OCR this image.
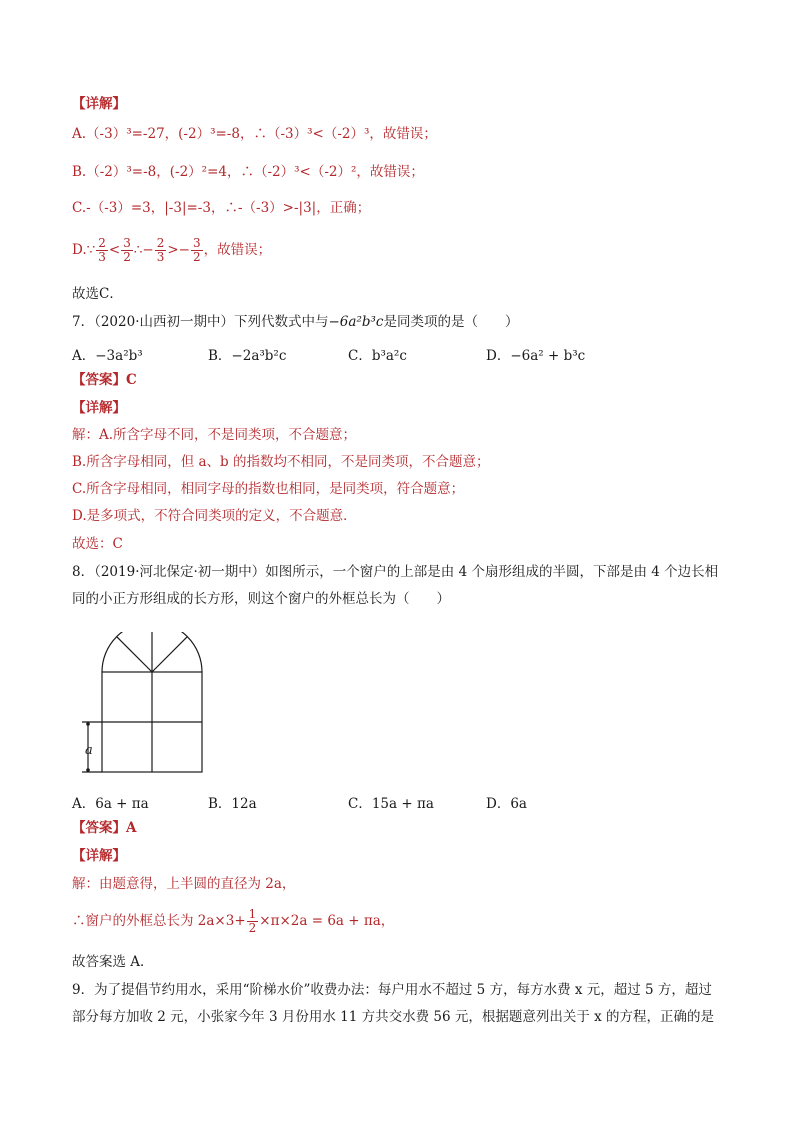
【详解】
A.（-3）³=-27，(-2）³=-8，∴（-3）³<（-2）³，故错误；
B.（-2）³=-8，(-2）²=4，∴（-2）³<（-2）²，故错误；
C.-（-3）=3，|-3|=-3，∴-（-3）>-|3|，正确；
D.∵ $\frac{2}{3} < \frac{3}{2}$ ∴− $\frac{2}{3} >- \frac{3}{2}$ ，故错误；
故选C．
7．（2020·山西初一期中）下列代数式中与−6a²b³c是同类项的是（　　）
A．−3a²b³	B．−2a³b²c	C．b³a²c	D．−6a² + b³c
【答案】C
【详解】
解：A.所含字母不同，不是同类项，不合题意；
B.所含字母相同，但 a、b 的指数均不相同，不是同类项，不合题意；
C.所含字母相同，相同字母的指数也相同，是同类项，符合题意；
D.是多项式，不符合同类项的定义，不合题意．
故选：C
8．（2019·河北保定·初一期中）如图所示，一个窗户的上部是由 4 个扇形组成的半圆，下部是由 4 个边长相
同的小正方形组成的长方形，则这个窗户的外框总长为（　　）
a
A．6a + πa	B．12a	C．15a + πa	D．6a
【答案】A
【详解】
解：由题意得，上半圆的直径为 2a，
∴窗户的外框总长为 $2a\times 3+ \frac{1}{2} \times\pi\times 2a = 6a + \pi a$，
故答案选 A．
9．为了提倡节约用水，采用“阶梯水价”收费办法：每户用水不超过 5 方，每方水费 x 元，超过 5 方，超过
部分每方加收 2 元，小张家今年 3 月份用水 11 方共交水费 56 元，根据题意列出关于 x 的方程，正确的是
